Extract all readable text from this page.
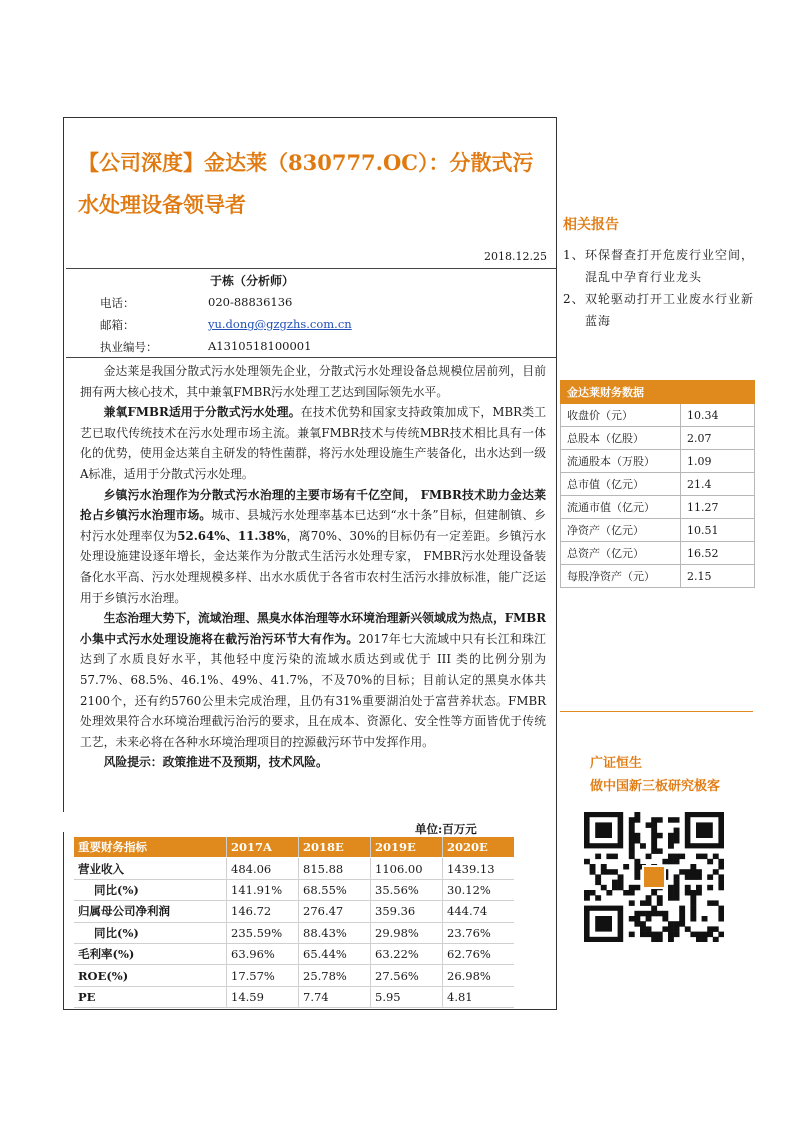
【公司深度】金达莱（830777.OC）：分散式污水处理设备领导者
2018.12.25
于栋（分析师）
电话：	020-88836136
邮箱：	yu.dong@gzgzhs.com.cn
执业编号：	A1310518100001

金达莱是我国分散式污水处理领先企业，分散式污水处理设备总规模位居前列，目前拥有两大核心技术，其中兼氧FMBR污水处理工艺达到国际领先水平。

兼氧FMBR适用于分散式污水处理。在技术优势和国家支持政策加成下，MBR类工艺已取代传统技术在污水处理市场主流。兼氧FMBR技术与传统MBR技术相比具有一体化的优势，使用金达莱自主研发的特性菌群，将污水处理设施生产装备化，出水达到一级A标准，适用于分散式污水处理。

乡镇污水治理作为分散式污水治理的主要市场有千亿空间， FMBR技术助力金达莱抢占乡镇污水治理市场。城市、县城污水处理率基本已达到“水十条”目标，但建制镇、乡村污水处理率仅为52.64%、11.38%，离70%、30%的目标仍有一定差距。乡镇污水处理设施建设逐年增长，金达莱作为分散式生活污水处理专家， FMBR污水处理设备装备化水平高、污水处理规模多样、出水水质优于各省市农村生活污水排放标准，能广泛运用于乡镇污水治理。

生态治理大势下，流域治理、黑臭水体治理等水环境治理新兴领域成为热点，FMBR小集中式污水处理设施将在截污治污环节大有作为。2017年七大流域中只有长江和珠江达到了水质良好水平，其他轻中度污染的流域水质达到或优于 III 类的比例分别为57.7%、68.5%、46.1%、49%、41.7%，不及70%的目标；目前认定的黑臭水体共2100个，还有约5760公里未完成治理，且仍有31%重要湖泊处于富营养状态。FMBR处理效果符合水环境治理截污治污的要求，且在成本、资源化、安全性等方面皆优于传统工艺，未来必将在各种水环境治理项目的控源截污环节中发挥作用。

风险提示：政策推进不及预期，技术风险。

单位:百万元
重要财务指标	2017A	2018E	2019E	2020E
营业收入	484.06	815.88	1106.00	1439.13
同比(%)	141.91%	68.55%	35.56%	30.12%
归属母公司净利润	146.72	276.47	359.36	444.74
同比(%)	235.59%	88.43%	29.98%	23.76%
毛利率(%)	63.96%	65.44%	63.22%	62.76%
ROE(%)	17.57%	25.78%	27.56%	26.98%
PE	14.59	7.74	5.95	4.81
相关报告
1、 环保督查打开危废行业空间，混乱中孕育行业龙头
2、 双轮驱动打开工业废水行业新蓝海
金达莱财务数据	
收盘价（元）	10.34
总股本（亿股）	2.07
流通股本（万股）	1.09
总市值（亿元）	21.4
流通市值（亿元）	11.27
净资产（亿元）	10.51
总资产（亿元）	16.52
每股净资产（元）	2.15
广证恒生
做中国新三板研究极客
